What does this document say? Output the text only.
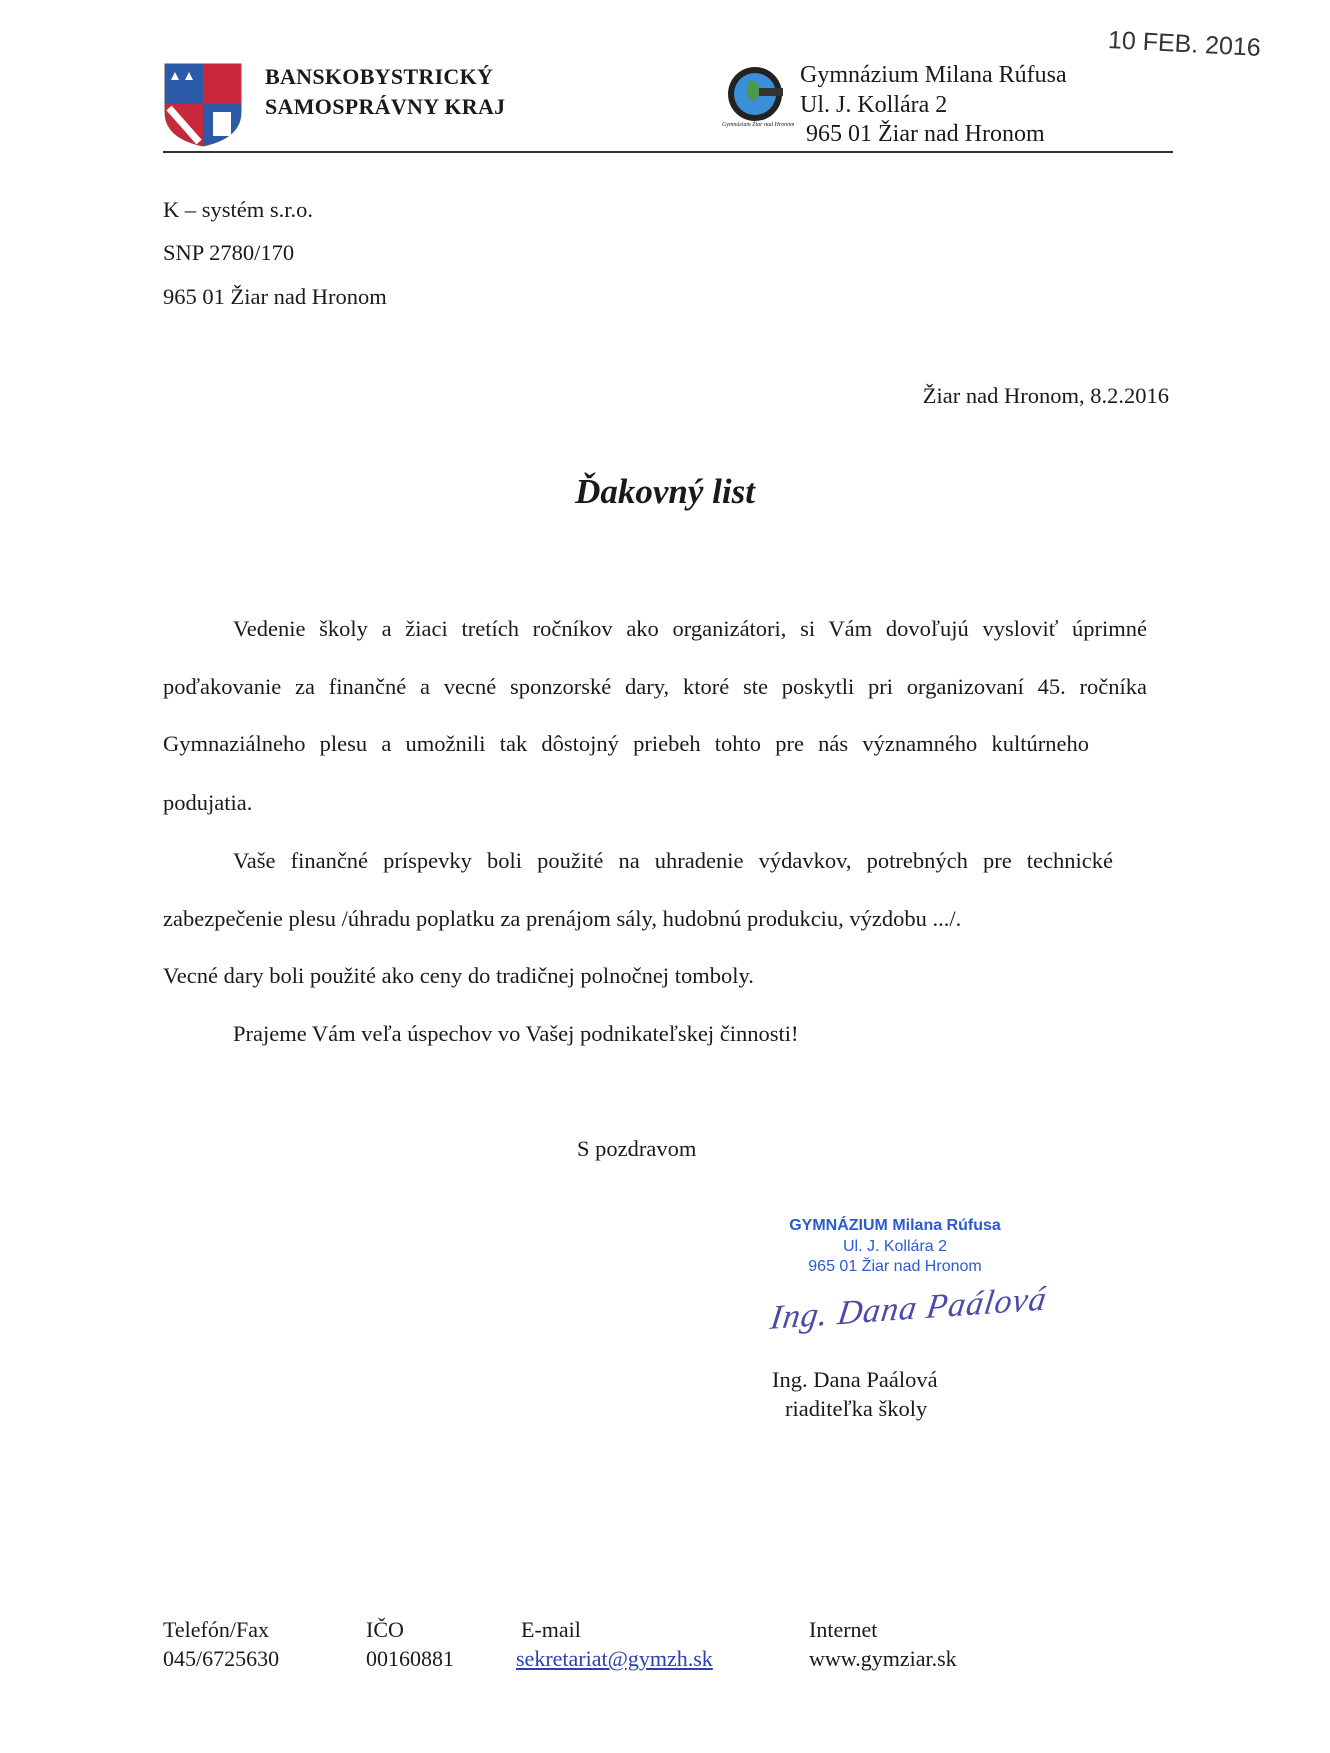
10 FEB. 2016
BANSKOBYSTRICKÝ
SAMOSPRÁVNY KRAJ
Gymnázium Žiar nad Hronom
Gymnázium Milana Rúfusa
Ul. J. Kollára 2
965 01 Žiar nad Hronom
K – systém s.r.o.
SNP 2780/170
965 01 Žiar nad Hronom
Žiar nad Hronom, 8.2.2016
Ďakovný list
Vedenie školy a žiaci tretích ročníkov ako organizátori, si Vám dovoľujú vysloviť úprimné
poďakovanie za finančné a vecné sponzorské dary, ktoré ste poskytli pri organizovaní 45. ročníka
Gymnaziálneho plesu a umožnili tak dôstojný priebeh tohto pre nás významného kultúrneho
podujatia.
Vaše finančné príspevky boli použité na uhradenie výdavkov, potrebných pre technické
zabezpečenie plesu /úhradu poplatku za prenájom sály, hudobnú produkciu, výzdobu .../.
Vecné dary boli použité ako ceny do tradičnej polnočnej tomboly.
Prajeme Vám veľa úspechov vo Vašej podnikateľskej činnosti!
S pozdravom
GYMNÁZIUM Milana Rúfusa
Ul. J. Kollára 2
965 01 Žiar nad Hronom
Ing. Dana Paálová
Ing. Dana Paálová
riaditeľka školy
Telefón/Fax
045/6725630
IČO
00160881
E-mail
sekretariat@gymzh.sk
Internet
www.gymziar.sk
